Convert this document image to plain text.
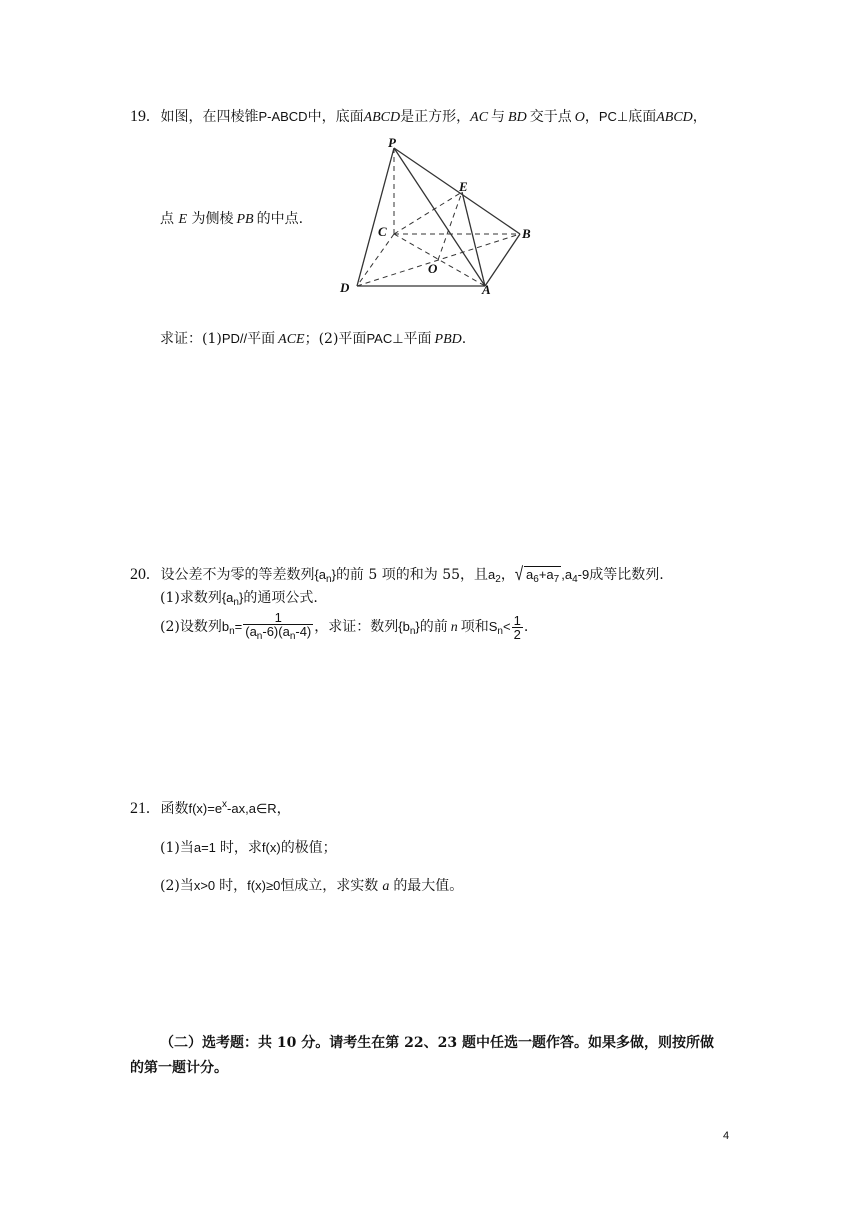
19. 如图，在四棱锥P-ABCD中，底面ABCD是正方形，AC 与 BD 交于点 O，PC⊥底面ABCD，
点 E 为侧棱 PB 的中点.
P
E
C	B
O
D	A
求证：(1)PD//平面 ACE；(2)平面PAC⊥平面 PBD.
20. 设公差不为零的等差数列$\{a_n\}$的前 5 项的和为 55，且$a_2$，√ $a_6+a_7$ $,a_4-9$成等比数列.
(1)求数列$\{a_n\}$的通项公式.
(2)设数列$b_n= \frac{1}{(a_n-6)(a_n-4)}$ ，求证：数列$\{b_n\}$的前 n 项和$S_n< \frac{1}{2}$ .
21. 函数$f(x)=e^x-ax,a\in R$，
(1)当a=1 时，求f(x)的极值；
(2)当x>0 时，f(x)≥0恒成立，求实数 a 的最大值。
（二）选考题：共 10 分。请考生在第 22、23 题中任选一题作答。如果多做，则按所做
的第一题计分。
4
